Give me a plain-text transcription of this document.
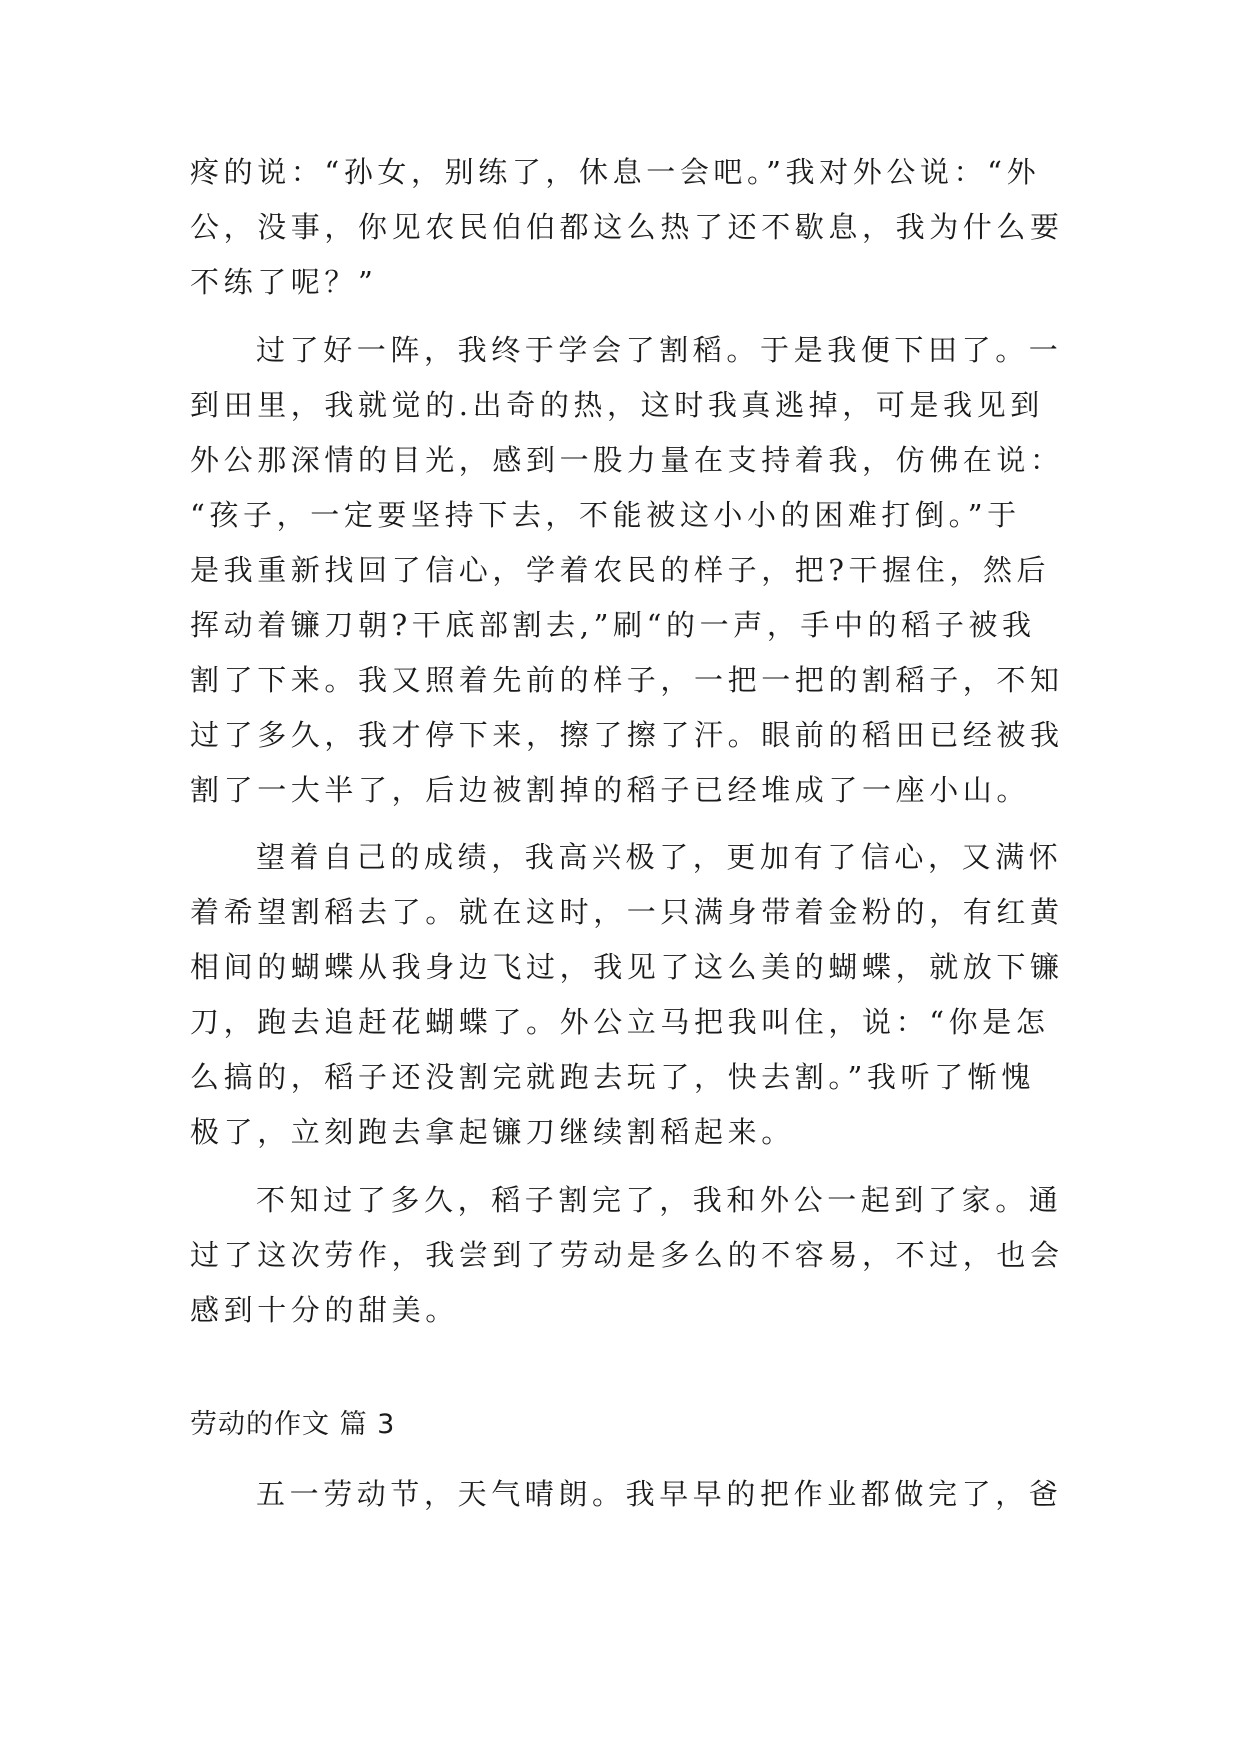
疼的说：“孙女，别练了，休息一会吧。”我对外公说：“外
公，没事，你见农民伯伯都这么热了还不歇息，我为什么要
不练了呢？”
过了好一阵，我终于学会了割稻。于是我便下田了。一
到田里，我就觉的.出奇的热，这时我真逃掉，可是我见到
外公那深情的目光，感到一股力量在支持着我，仿佛在说：
“孩子，一定要坚持下去，不能被这小小的困难打倒。”于
是我重新找回了信心，学着农民的样子，把?干握住，然后
挥动着镰刀朝?干底部割去,”刷“的一声，手中的稻子被我
割了下来。我又照着先前的样子，一把一把的割稻子，不知
过了多久，我才停下来，擦了擦了汗。眼前的稻田已经被我
割了一大半了，后边被割掉的稻子已经堆成了一座小山。
望着自己的成绩，我高兴极了，更加有了信心，又满怀
着希望割稻去了。就在这时，一只满身带着金粉的，有红黄
相间的蝴蝶从我身边飞过，我见了这么美的蝴蝶，就放下镰
刀，跑去追赶花蝴蝶了。外公立马把我叫住，说：“你是怎
么搞的，稻子还没割完就跑去玩了，快去割。”我听了惭愧
极了，立刻跑去拿起镰刀继续割稻起来。
不知过了多久，稻子割完了，我和外公一起到了家。通
过了这次劳作，我尝到了劳动是多么的不容易，不过，也会
感到十分的甜美。
劳动的作文 篇 3
五一劳动节，天气晴朗。我早早的把作业都做完了，爸
